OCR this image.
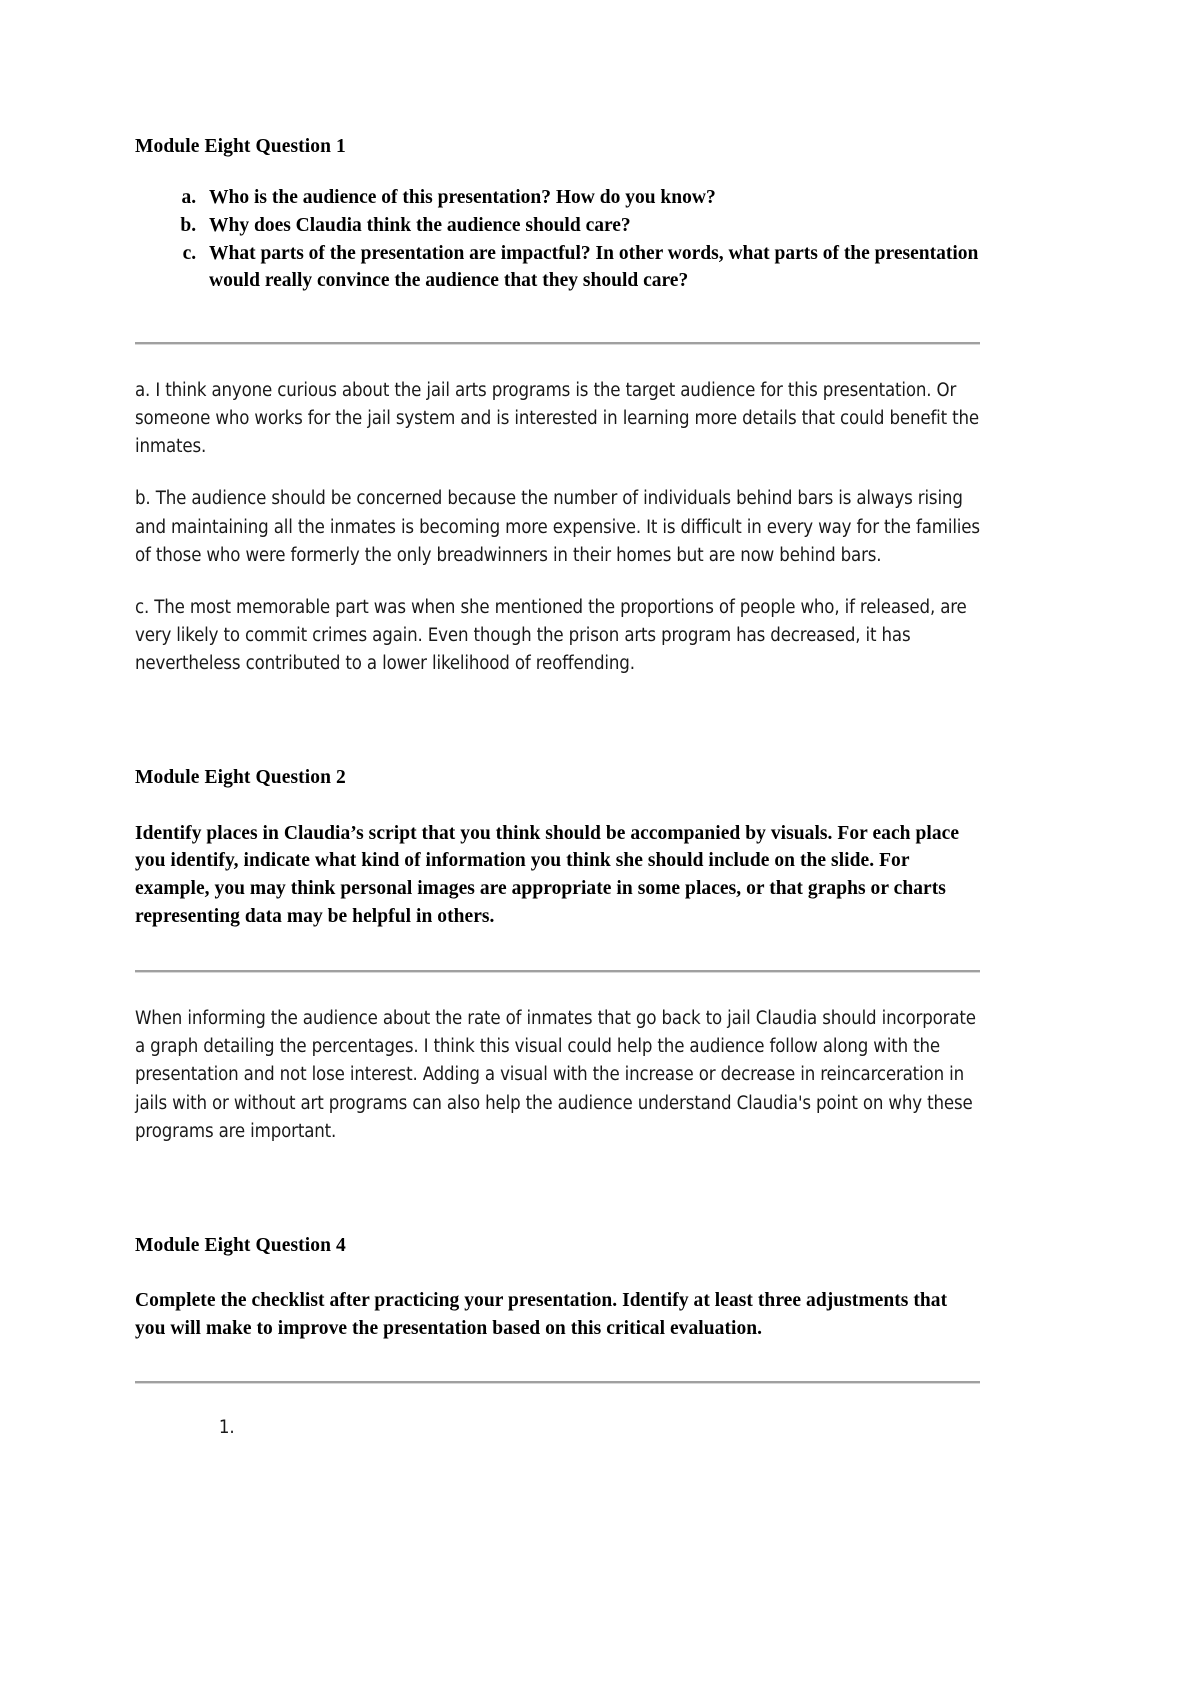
Module Eight Question 1
a. Who is the audience of this presentation? How do you know?
b. Why does Claudia think the audience should care?
c. What parts of the presentation are impactful? In other words, what parts of the presentation would really convince the audience that they should care?

a. I think anyone curious about the jail arts programs is the target audience for this presentation. Or someone who works for the jail system and is interested in learning more details that could benefit the inmates.

b. The audience should be concerned because the number of individuals behind bars is always rising and maintaining all the inmates is becoming more expensive. It is difficult in every way for the families of those who were formerly the only breadwinners in their homes but are now behind bars.

c. The most memorable part was when she mentioned the proportions of people who, if released, are very likely to commit crimes again. Even though the prison arts program has decreased, it has nevertheless contributed to a lower likelihood of reoffending.

Module Eight Question 2
Identify places in Claudia’s script that you think should be accompanied by visuals. For each place you identify, indicate what kind of information you think she should include on the slide. For example, you may think personal images are appropriate in some places, or that graphs or charts representing data may be helpful in others.

When informing the audience about the rate of inmates that go back to jail Claudia should incorporate a graph detailing the percentages. I think this visual could help the audience follow along with the presentation and not lose interest. Adding a visual with the increase or decrease in reincarceration in jails with or without art programs can also help the audience understand Claudia's point on why these programs are important.

Module Eight Question 4
Complete the checklist after practicing your presentation. Identify at least three adjustments that you will make to improve the presentation based on this critical evaluation.
1.
